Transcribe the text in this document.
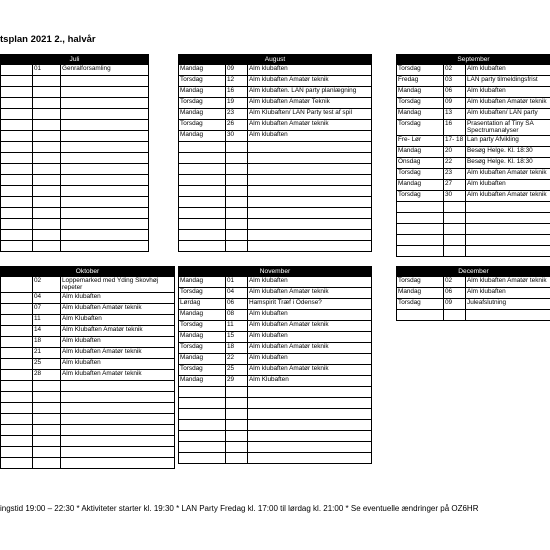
tsplan 2021 2., halvår
Juli		
	01	Genralforsamling

August		
Mandag	09	Alm klubaften
Torsdag	12	Alm klubaften Amatør teknik
Mandag	16	Alm klubaften. LAN party planlægning
Torsdag	19	Alm klubaften Amatør Teknik
Mandag	23	Alm Klubaften/ LAN Party test af spil
Torsdag	26	Alm klubaften Amatør teknik
Mandag	30	Alm klubaften

September		
Torsdag	02	Alm klubaften
Fredag	03	LAN party tilmeldingsfrist
Mandag	06	Alm klubaften
Torsdag	09	Alm klubaften Amatør teknik
Mandag	13	Alm klubaften/ LAN party
Torsdag	16	Prasentation af Tiny SA Spectrumanalyser
Fre- Lør	17- 18	Lan party Afvikling
Mandag	20	Besøg Helge. Kl. 18:30
Onsdag	22	Besøg Helge. Kl. 18:30
Torsdag	23	Alm klubaften Amatør teknik
Mandag	27	Alm klubaften
Torsdag	30	Alm klubaften Amatør teknik

Oktober		
	02	Loppemarked med Yding Skovhøj repeter
	04	Alm klubaften
	07	Alm klubaften Amatør teknik
	11	Alm Klubaften
	14	Alm Klubaften Amatør teknik
	18	Alm klubaften
	21	Alm klubaften Amatør teknik
	25	Alm klubaften
	28	Alm klubaften Amatør teknik

November		
Mandag	01	Alm klubaften
Torsdag	04	Alm klubaften Amatør teknik
Lørdag	06	Hamspirit Træf i Odense?
Mandag	08	Alm klubaften
Torsdag	11	Alm klubaften Amatør teknik
Mandag	15	Alm klubaften
Torsdag	18	Alm klubaften Amatør teknik
Mandag	22	Alm klubaften
Torsdag	25	Alm klubaften Amatør teknik
Mandag	29	Alm Klubaften

December		
Torsdag	02	Alm klubaften Amatør teknik
Mandag	06	Alm klubaften
Torsdag	09	Juleafslutning

ingstid 19:00 – 22:30 * Aktiviteter starter kl. 19:30 * LAN Party Fredag kl. 17:00 til lørdag kl. 21:00 * Se eventuelle ændringer på OZ6HR
